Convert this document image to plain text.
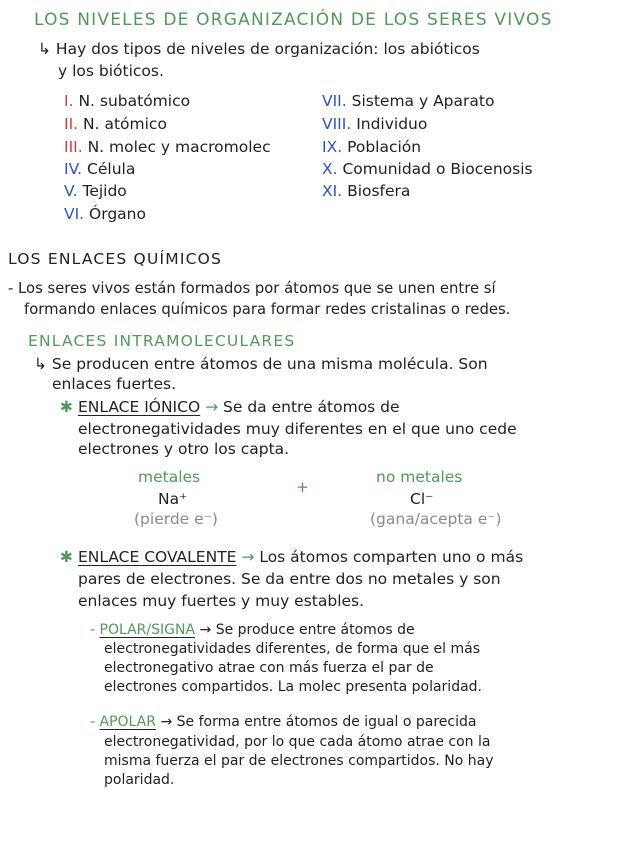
LOS NIVELES DE ORGANIZACIÓN DE LOS SERES VIVOS
↳ Hay dos tipos de niveles de organización: los abióticos
y los bióticos.
I. N. subatómico
II. N. atómico
III. N. molec y macromolec
IV. Célula
V. Tejido
VI. Órgano
VII. Sistema y Aparato
VIII. Individuo
IX. Población
X. Comunidad o Biocenosis
XI. Biosfera
LOS ENLACES QUÍMICOS
- Los seres vivos están formados por átomos que se unen entre sí
formando enlaces químicos para formar redes cristalinas o redes.
ENLACES INTRAMOLECULARES
↳ Se producen entre átomos de una misma molécula. Son
enlaces fuertes.
✱ ENLACE IÓNICO → Se da entre átomos de
electronegatividades muy diferentes en el que uno cede
electrones y otro los capta.
metales
Na⁺
(pierde e⁻)
+
no metales
Cl⁻
(gana/acepta e⁻)
✱ ENLACE COVALENTE → Los átomos comparten uno o más
pares de electrones. Se da entre dos no metales y son
enlaces muy fuertes y muy estables.
- POLAR/SIGNA → Se produce entre átomos de
electronegatividades diferentes, de forma que el más
electronegativo atrae con más fuerza el par de
electrones compartidos. La molec presenta polaridad.
- APOLAR → Se forma entre átomos de igual o parecida
electronegatividad, por lo que cada átomo atrae con la
misma fuerza el par de electrones compartidos. No hay
polaridad.
